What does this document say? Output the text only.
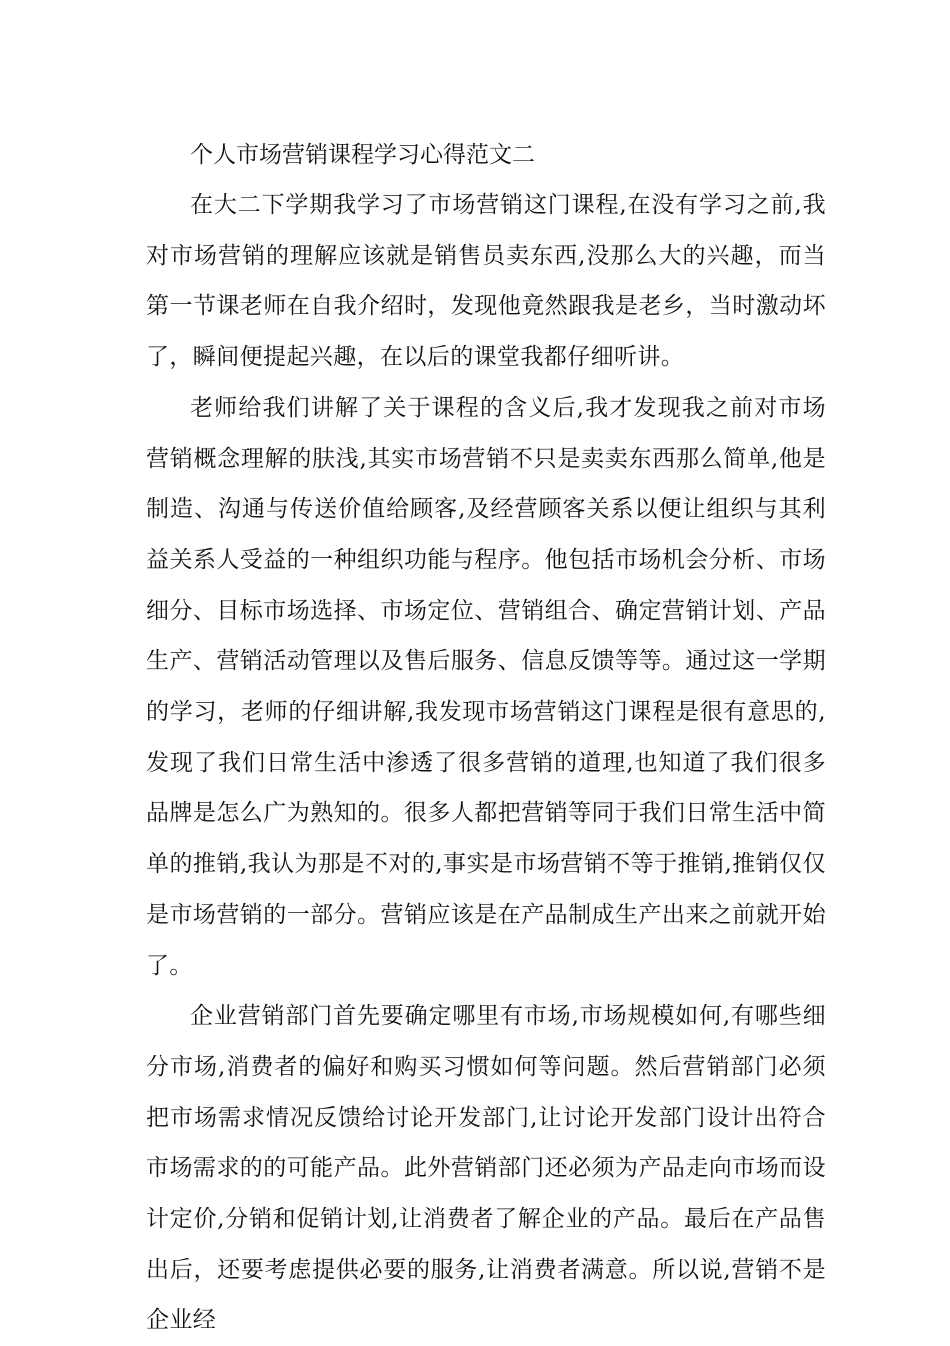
个人市场营销课程学习心得范文二

在大二下学期我学习了市场营销这门课程,在没有学习之前,我对市场营销的理解应该就是销售员卖东西,没那么大的兴趣，而当第一节课老师在自我介绍时，发现他竟然跟我是老乡，当时激动坏了，瞬间便提起兴趣，在以后的课堂我都仔细听讲。

老师给我们讲解了关于课程的含义后,我才发现我之前对市场营销概念理解的肤浅,其实市场营销不只是卖卖东西那么简单,他是制造、沟通与传送价值给顾客,及经营顾客关系以便让组织与其利益关系人受益的一种组织功能与程序。他包括市场机会分析、市场细分、目标市场选择、市场定位、营销组合、确定营销计划、产品生产、营销活动管理以及售后服务、信息反馈等等。通过这一学期的学习，老师的仔细讲解,我发现市场营销这门课程是很有意思的,发现了我们日常生活中渗透了很多营销的道理,也知道了我们很多品牌是怎么广为熟知的。很多人都把营销等同于我们日常生活中简单的推销,我认为那是不对的,事实是市场营销不等于推销,推销仅仅是市场营销的一部分。营销应该是在产品制成生产出来之前就开始了。

企业营销部门首先要确定哪里有市场,市场规模如何,有哪些细分市场,消费者的偏好和购买习惯如何等问题。然后营销部门必须把市场需求情况反馈给讨论开发部门,让讨论开发部门设计出符合市场需求的的可能产品。此外营销部门还必须为产品走向市场而设计定价,分销和促销计划,让消费者了解企业的产品。最后在产品售出后，还要考虑提供必要的服务,让消费者满意。所以说,营销不是企业经
